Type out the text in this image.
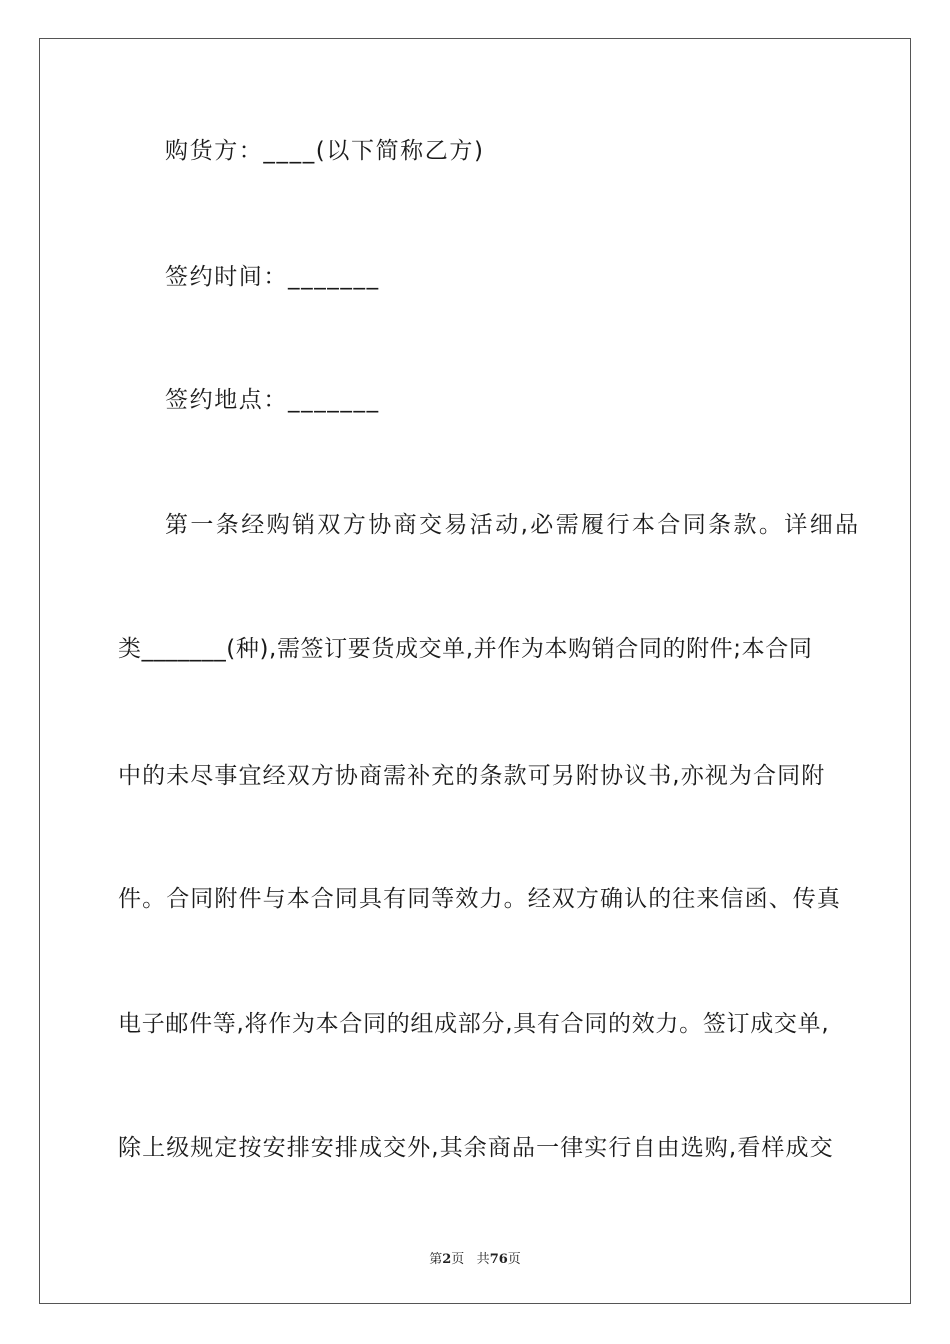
购货方：____(以下简称乙方)
签约时间：_______
签约地点：_______
第一条经购销双方协商交易活动,必需履行本合同条款。详细品
类_______(种),需签订要货成交单,并作为本购销合同的附件;本合同
中的未尽事宜经双方协商需补充的条款可另附协议书,亦视为合同附
件。合同附件与本合同具有同等效力。经双方确认的往来信函、传真
电子邮件等,将作为本合同的组成部分,具有合同的效力。签订成交单,
除上级规定按安排安排成交外,其余商品一律实行自由选购,看样成交
第2页 共76页
